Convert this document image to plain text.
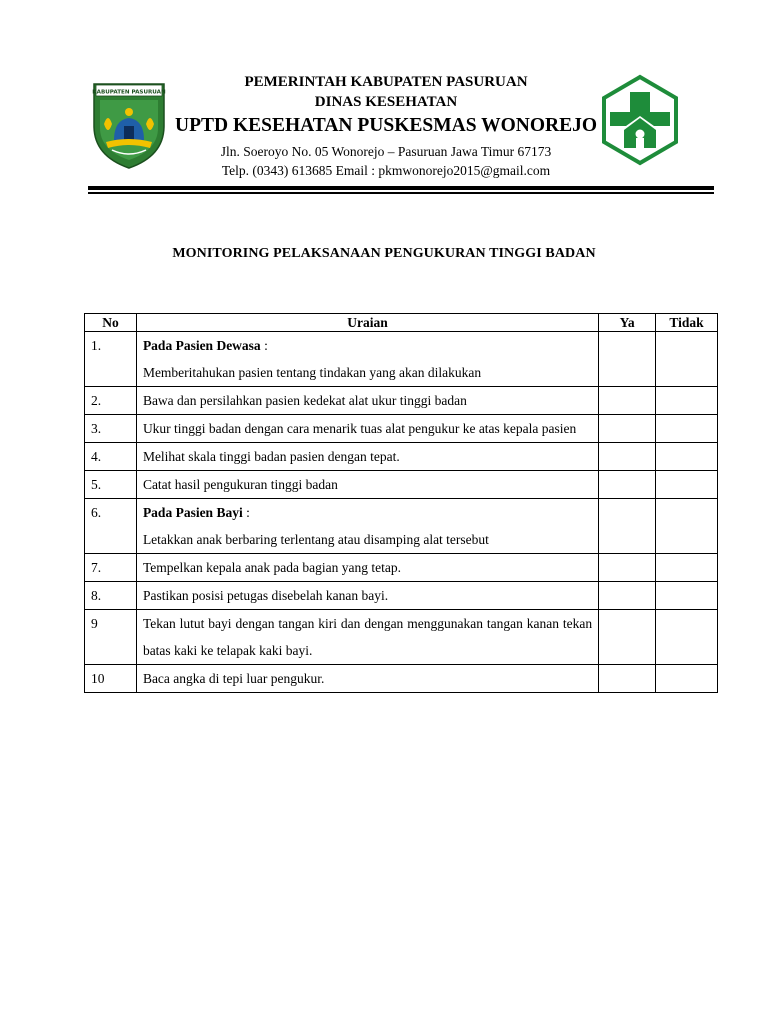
KABUPATEN PASURUAN
PEMERINTAH KABUPATEN PASURUAN
DINAS KESEHATAN
UPTD KESEHATAN PUSKESMAS WONOREJO
Jln. Soeroyo No. 05 Wonorejo – Pasuruan Jawa Timur 67173
Telp. (0343) 613685 Email : pkmwonorejo2015@gmail.com
MONITORING PELAKSANAAN PENGUKURAN TINGGI BADAN
No	Uraian	Ya	Tidak
1.	Pada Pasien Dewasa :
Memberitahukan pasien tentang tindakan yang akan dilakukan		
2.	Bawa dan persilahkan pasien kedekat alat ukur tinggi badan		
3.	Ukur tinggi badan dengan cara menarik tuas alat pengukur ke atas kepala pasien		
4.	Melihat skala tinggi badan pasien dengan tepat.		
5.	Catat hasil pengukuran tinggi badan		
6.	Pada Pasien Bayi :
Letakkan anak berbaring terlentang atau disamping alat tersebut		
7.	Tempelkan kepala anak pada bagian yang tetap.		
8.	Pastikan posisi petugas disebelah kanan bayi.		
9	Tekan lutut bayi dengan tangan kiri dan dengan menggunakan tangan kanan tekan batas kaki ke telapak kaki bayi.		
10	Baca angka di tepi luar pengukur.		
